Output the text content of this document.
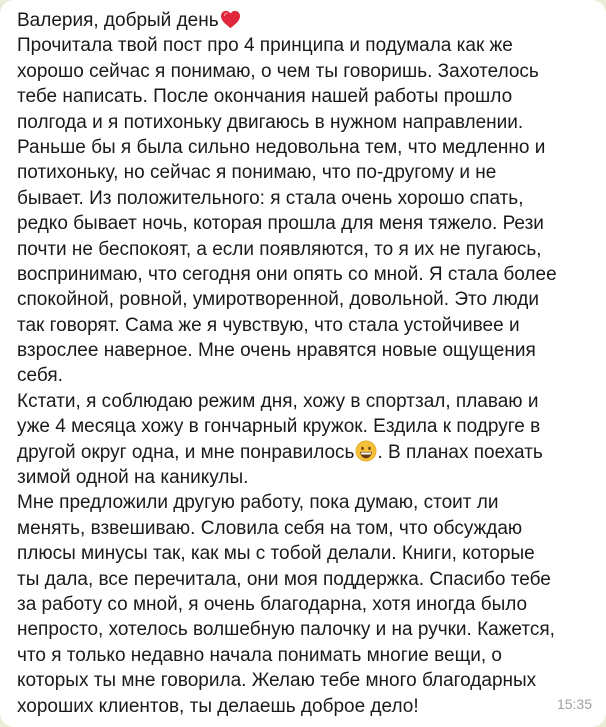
Валерия, добрый день
Прочитала твой пост про 4 принципа и подумала как же
хорошо сейчас я понимаю, о чем ты говоришь. Захотелось
тебе написать. После окончания нашей работы прошло
полгода и я потихоньку двигаюсь в нужном направлении.
Раньше бы я была сильно недовольна тем, что медленно и
потихоньку, но сейчас я понимаю, что по-другому и не
бывает. Из положительного: я стала очень хорошо спать,
редко бывает ночь, которая прошла для меня тяжело. Рези
почти не беспокоят, а если появляются, то я их не пугаюсь,
воспринимаю, что сегодня они опять со мной. Я стала более
спокойной, ровной, умиротворенной, довольной. Это люди
так говорят. Сама же я чувствую, что стала устойчивее и
взрослее наверное. Мне очень нравятся новые ощущения
себя.
Кстати, я соблюдаю режим дня, хожу в спортзал, плаваю и
уже 4 месяца хожу в гончарный кружок. Ездила к подруге в
другой округ одна, и мне понравилось . В планах поехать
зимой одной на каникулы.
Мне предложили другую работу, пока думаю, стоит ли
менять, взвешиваю. Словила себя на том, что обсуждаю
плюсы минусы так, как мы с тобой делали. Книги, которые
ты дала, все перечитала, они моя поддержка. Спасибо тебе
за работу со мной, я очень благодарна, хотя иногда было
непросто, хотелось волшебную палочку и на ручки. Кажется,
что я только недавно начала понимать многие вещи, о
которых ты мне говорила. Желаю тебе много благодарных
хороших клиентов, ты делаешь доброе дело!	15:35
